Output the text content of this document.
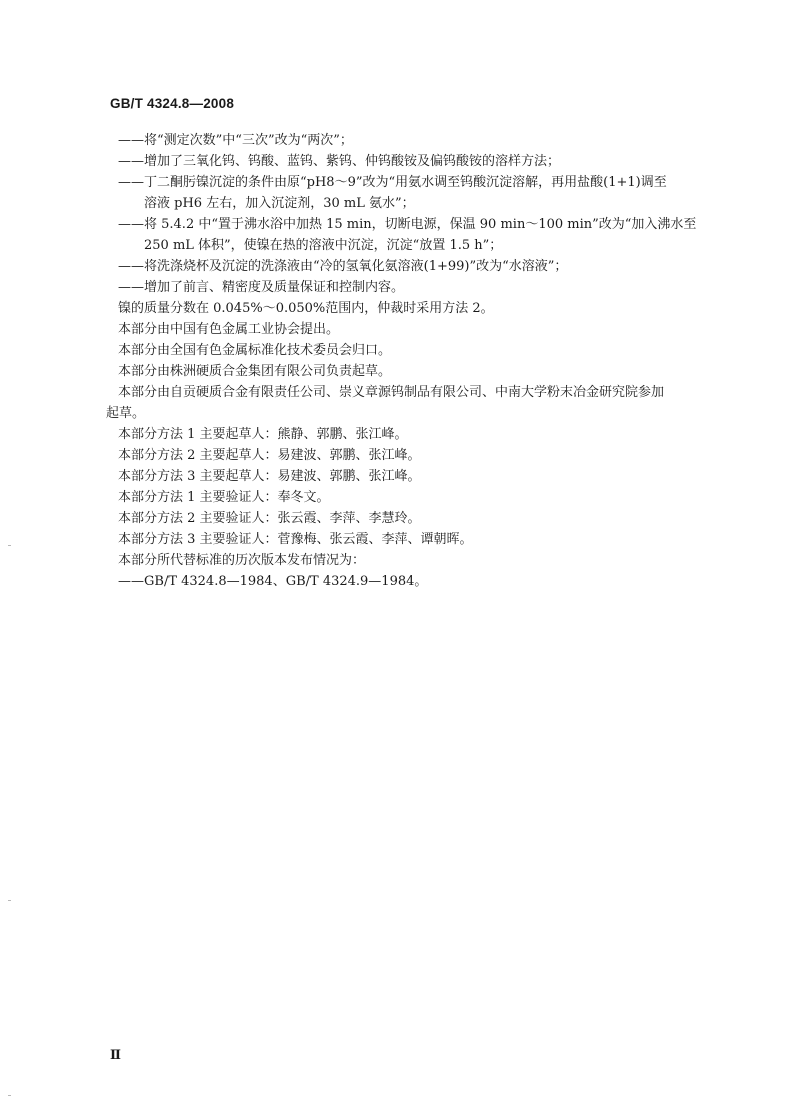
GB/T 4324.8—2008
——将“测定次数”中“三次”改为“两次”；
——增加了三氧化钨、钨酸、蓝钨、紫钨、仲钨酸铵及偏钨酸铵的溶样方法；
——丁二酮肟镍沉淀的条件由原“pH8～9”改为“用氨水调至钨酸沉淀溶解，再用盐酸(1+1)调至
溶液 pH6 左右，加入沉淀剂，30 mL 氨水”；
——将 5.4.2 中“置于沸水浴中加热 15 min，切断电源，保温 90 min～100 min”改为“加入沸水至
250 mL 体积”，使镍在热的溶液中沉淀，沉淀“放置 1.5 h”；
——将洗涤烧杯及沉淀的洗涤液由“冷的氢氧化氨溶液(1+99)”改为“水溶液”；
——增加了前言、精密度及质量保证和控制内容。
镍的质量分数在 0.045%～0.050%范围内，仲裁时采用方法 2。
本部分由中国有色金属工业协会提出。
本部分由全国有色金属标准化技术委员会归口。
本部分由株洲硬质合金集团有限公司负责起草。
本部分由自贡硬质合金有限责任公司、崇义章源钨制品有限公司、中南大学粉末冶金研究院参加
起草。
本部分方法 1 主要起草人：熊静、郭鹏、张江峰。
本部分方法 2 主要起草人：易建波、郭鹏、张江峰。
本部分方法 3 主要起草人：易建波、郭鹏、张江峰。
本部分方法 1 主要验证人：奉冬文。
本部分方法 2 主要验证人：张云霞、李萍、李慧玲。
本部分方法 3 主要验证人：菅豫梅、张云霞、李萍、谭朝晖。
本部分所代替标准的历次版本发布情况为：
——GB/T 4324.8—1984、GB/T 4324.9—1984。
Ⅱ
